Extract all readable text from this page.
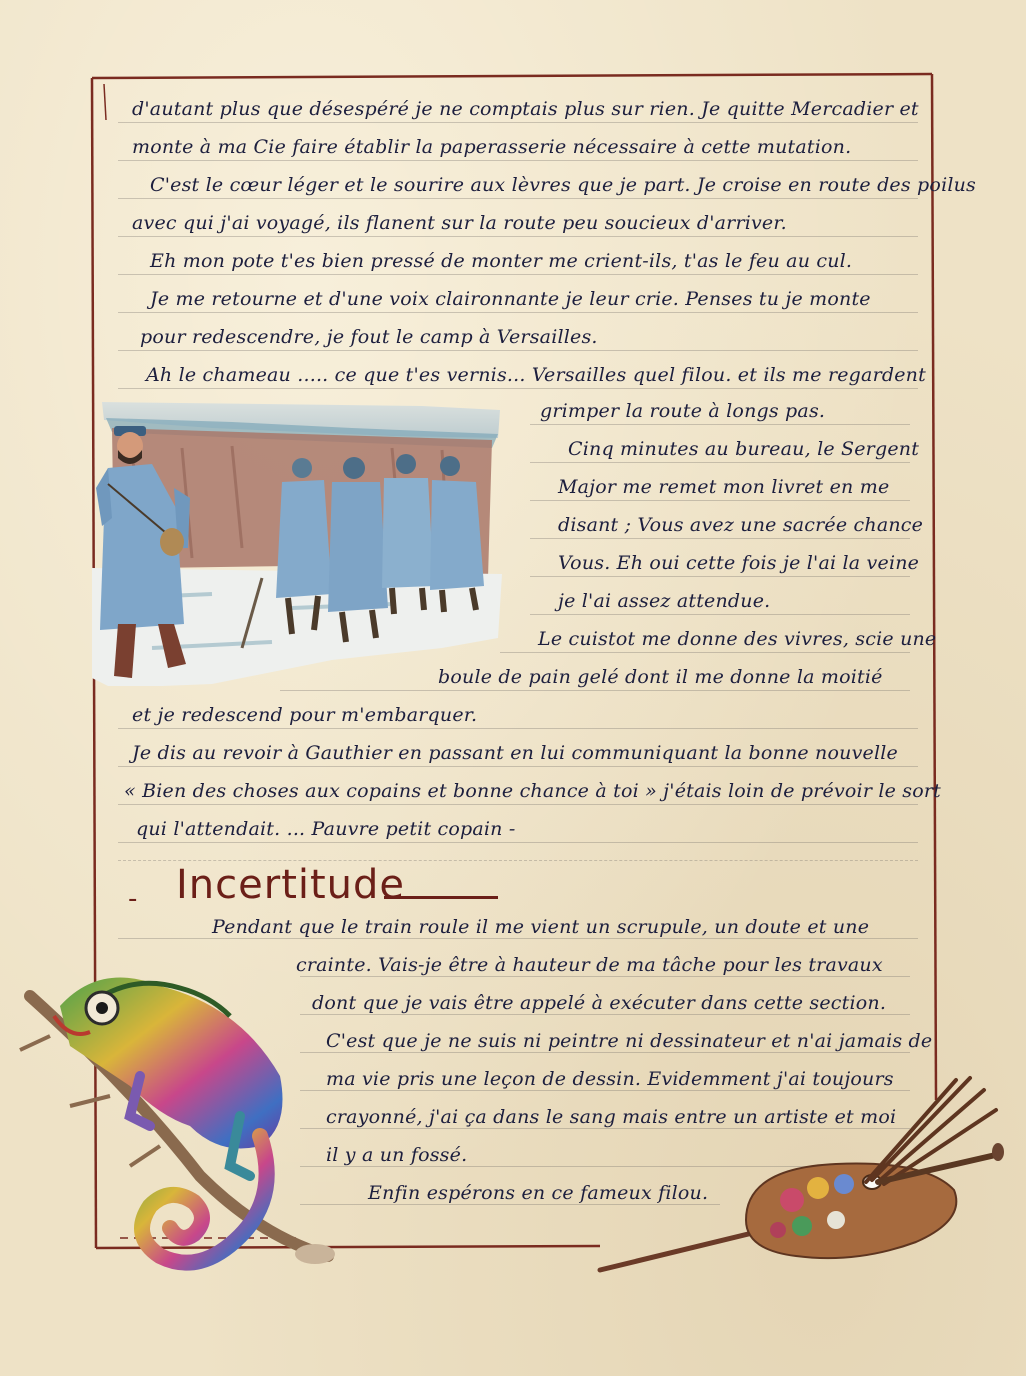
d'autant plus que désespéré je ne comptais plus sur rien. Je quitte Mercadier et
monte à ma Cie faire établir la paperasserie nécessaire à cette mutation.
C'est le cœur léger et le sourire aux lèvres que je part. Je croise en route des poilus
avec qui j'ai voyagé, ils flanent sur la route peu soucieux d'arriver.
Eh mon pote t'es bien pressé de monter me crient-ils, t'as le feu au cul.
Je me retourne et d'une voix claironnante je leur crie. Penses tu je monte
pour redescendre, je fout le camp à Versailles.
Ah le chameau ..... ce que t'es vernis... Versailles quel filou. et ils me regardent
grimper la route à longs pas.
Cinq minutes au bureau, le Sergent
Major me remet mon livret en me
disant ; Vous avez une sacrée chance
Vous. Eh oui cette fois je l'ai la veine
je l'ai assez attendue.
Le cuistot me donne des vivres, scie une
boule de pain gelé dont il me donne la moitié
et je redescend pour m'embarquer.
Je dis au revoir à Gauthier en passant en lui communiquant la bonne nouvelle
« Bien des choses aux copains et bonne chance à toi » j'étais loin de prévoir le sort
qui l'attendait. ... Pauvre petit copain -
- Incertitude
Pendant que le train roule il me vient un scrupule, un doute et une
crainte. Vais-je être à hauteur de ma tâche pour les travaux
dont que je vais être appelé à exécuter dans cette section.
C'est que je ne suis ni peintre ni dessinateur et n'ai jamais de
ma vie pris une leçon de dessin. Evidemment j'ai toujours
crayonné, j'ai ça dans le sang mais entre un artiste et moi
il y a un fossé.
Enfin espérons en ce fameux filou.
